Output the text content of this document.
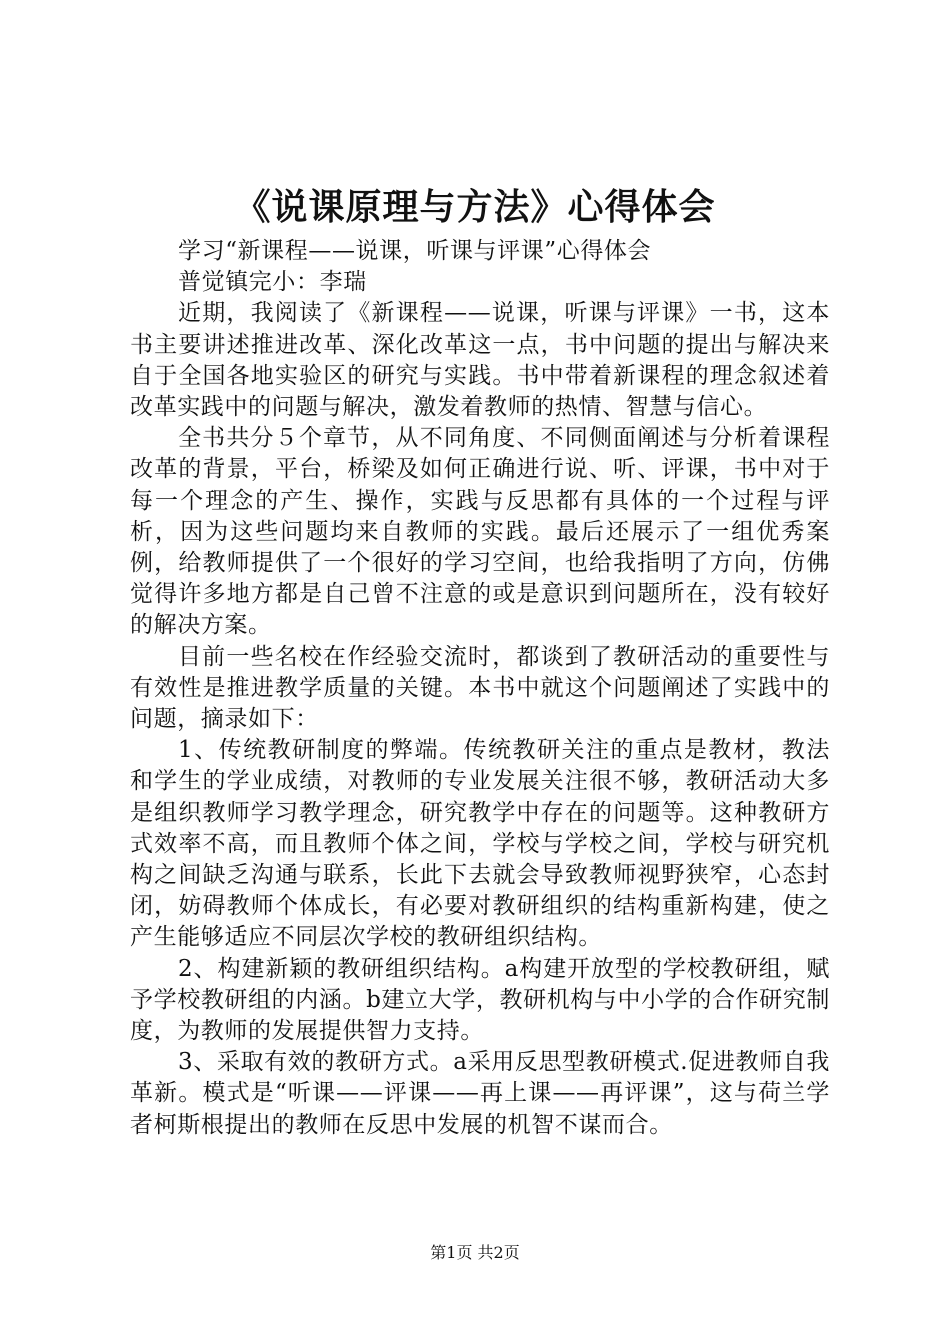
《说课原理与方法》心得体会

学习“新课程——说课，听课与评课”心得体会

普觉镇完小：李瑞

近期，我阅读了《新课程——说课，听课与评课》一书，这本书主要讲述推进改革、深化改革这一点，书中问题的提出与解决来自于全国各地实验区的研究与实践。书中带着新课程的理念叙述着改革实践中的问题与解决，激发着教师的热情、智慧与信心。

全书共分５个章节，从不同角度、不同侧面阐述与分析着课程改革的背景，平台，桥梁及如何正确进行说、听、评课，书中对于每一个理念的产生、操作，实践与反思都有具体的一个过程与评析，因为这些问题均来自教师的实践。最后还展示了一组优秀案例，给教师提供了一个很好的学习空间，也给我指明了方向，仿佛觉得许多地方都是自己曾不注意的或是意识到问题所在，没有较好的解决方案。

目前一些名校在作经验交流时，都谈到了教研活动的重要性与有效性是推进教学质量的关键。本书中就这个问题阐述了实践中的问题，摘录如下：

1、传统教研制度的弊端。传统教研关注的重点是教材，教法和学生的学业成绩，对教师的专业发展关注很不够，教研活动大多是组织教师学习教学理念，研究教学中存在的问题等。这种教研方式效率不高，而且教师个体之间，学校与学校之间，学校与研究机构之间缺乏沟通与联系，长此下去就会导致教师视野狭窄，心态封闭，妨碍教师个体成长，有必要对教研组织的结构重新构建，使之产生能够适应不同层次学校的教研组织结构。

2、构建新颖的教研组织结构。a构建开放型的学校教研组，赋予学校教研组的内涵。b建立大学，教研机构与中小学的合作研究制度，为教师的发展提供智力支持。

3、采取有效的教研方式。a采用反思型教研模式.促进教师自我革新。模式是“听课——评课——再上课——再评课”，这与荷兰学者柯斯根提出的教师在反思中发展的机智不谋而合。

第1页 共2页
